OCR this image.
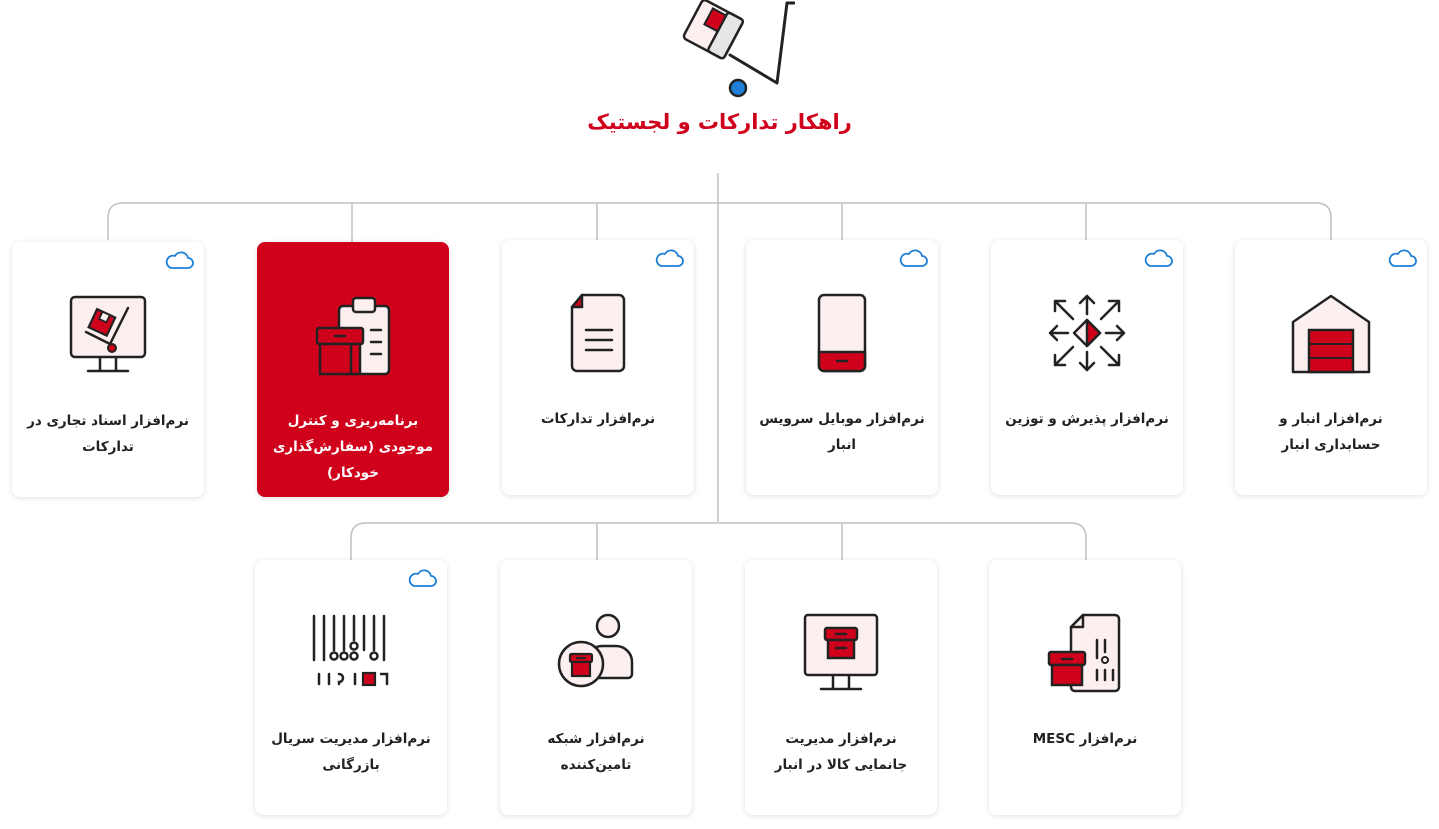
راهکار تدارکات و لجستیک
نرم‌افزار انبار و حسابداری انبار
نرم‌افزار پذیرش و توزین
نرم‌افزار موبایل سرویس انبار
نرم‌افزار تدارکات
برنامه‌ریزی و کنترل موجودی (سفارش‌گذاری خودکار)
نرم‌افزار اسناد تجاری در تدارکات
نرم‌افزار MESC
نرم‌افزار مدیریت جانمایی کالا در انبار
نرم‌افزار شبکه تامین‌کننده
نرم‌افزار مدیریت سریال بازرگانی
